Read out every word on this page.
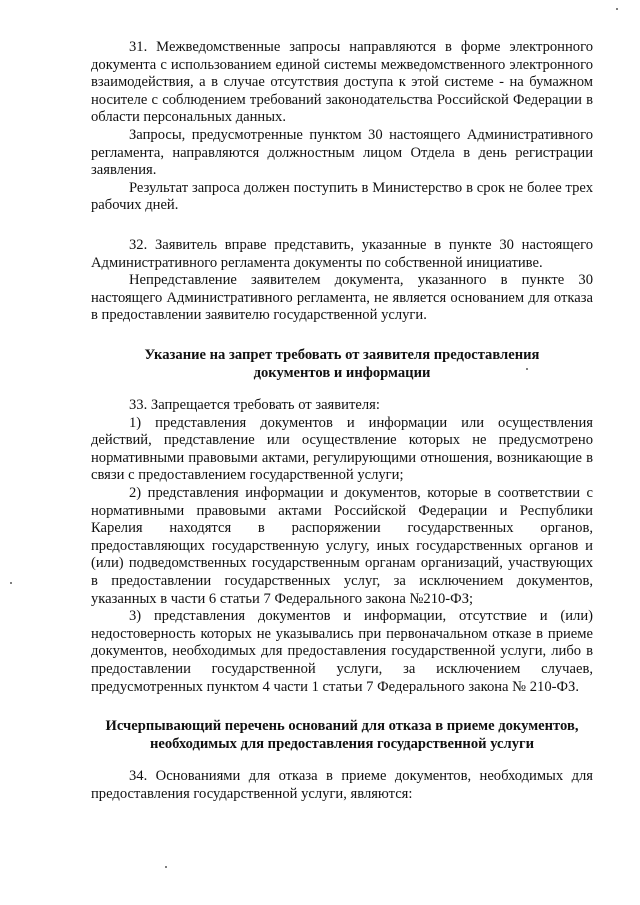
31. Межведомственные запросы направляются в форме электронного документа с использованием единой системы межведомственного электронного взаимодействия, а в случае отсутствия доступа к этой системе - на бумажном носителе с соблюдением требований законодательства Российской Федерации в области персональных данных.

Запросы, предусмотренные пунктом 30 настоящего Административного регламента, направляются должностным лицом Отдела в день регистрации заявления.

Результат запроса должен поступить в Министерство в срок не более трех рабочих дней.

32. Заявитель вправе представить, указанные в пункте 30 настоящего Административного регламента документы по собственной инициативе.

Непредставление заявителем документа, указанного в пункте 30 настоящего Административного регламента, не является основанием для отказа в предоставлении заявителю государственной услуги.

Указание на запрет требовать от заявителя предоставления документов и информации

33. Запрещается требовать от заявителя:

1) представления документов и информации или осуществления действий, представление или осуществление которых не предусмотрено нормативными правовыми актами, регулирующими отношения, возникающие в связи с предоставлением государственной услуги;

2) представления информации и документов, которые в соответствии с нормативными правовыми актами Российской Федерации и Республики Карелия находятся в распоряжении государственных органов, предоставляющих государственную услугу, иных государственных органов и (или) подведомственных государственным органам организаций, участвующих в предоставлении государственных услуг, за исключением документов, указанных в части 6 статьи 7 Федерального закона №210-ФЗ;

3) представления документов и информации, отсутствие и (или) недостоверность которых не указывались при первоначальном отказе в приеме документов, необходимых для предоставления государственной услуги, либо в предоставлении государственной услуги, за исключением случаев, предусмотренных пунктом 4 части 1 статьи 7 Федерального закона № 210-ФЗ.

Исчерпывающий перечень оснований для отказа в приеме документов, необходимых для предоставления государственной услуги

34. Основаниями для отказа в приеме документов, необходимых для предоставления государственной услуги, являются:
